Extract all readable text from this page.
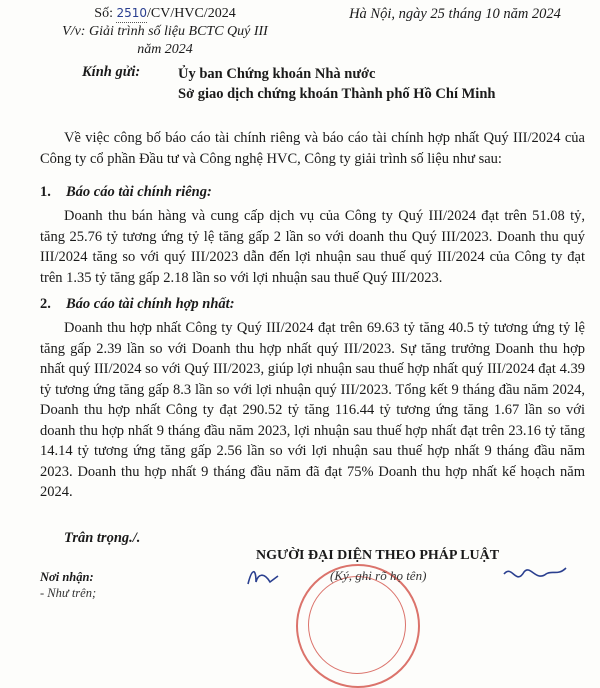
Số: 2510/CV/HVC/2024
V/v: Giải trình số liệu BCTC Quý III
năm 2024
Hà Nội, ngày 25 tháng 10 năm 2024
Kính gửi:	Ủy ban Chứng khoán Nhà nước
Sở giao dịch chứng khoán Thành phố Hồ Chí Minh
Về việc công bố báo cáo tài chính riêng và báo cáo tài chính hợp nhất Quý III/2024 của Công ty cổ phần Đầu tư và Công nghệ HVC, Công ty giải trình số liệu như sau:
1. Báo cáo tài chính riêng:
Doanh thu bán hàng và cung cấp dịch vụ của Công ty Quý III/2024 đạt trên 51.08 tỷ, tăng 25.76 tỷ tương ứng tỷ lệ tăng gấp 2 lần so với doanh thu Quý III/2023. Doanh thu quý III/2024 tăng so với quý III/2023 dẫn đến lợi nhuận sau thuế quý III/2024 của Công ty đạt trên 1.35 tỷ tăng gấp 2.18 lần so với lợi nhuận sau thuế Quý III/2023.
2. Báo cáo tài chính hợp nhất:
Doanh thu hợp nhất Công ty Quý III/2024 đạt trên 69.63 tỷ tăng 40.5 tỷ tương ứng tỷ lệ tăng gấp 2.39 lần so với Doanh thu hợp nhất quý III/2023. Sự tăng trưởng Doanh thu hợp nhất quý III/2024 so với Quý III/2023, giúp lợi nhuận sau thuế hợp nhất quý III/2024 đạt 4.39 tỷ tương ứng tăng gấp 8.3 lần so với lợi nhuận quý III/2023. Tổng kết 9 tháng đầu năm 2024, Doanh thu hợp nhất Công ty đạt 290.52 tỷ tăng 116.44 tỷ tương ứng tăng 1.67 lần so với doanh thu hợp nhất 9 tháng đầu năm 2023, lợi nhuận sau thuế hợp nhất đạt trên 23.16 tỷ tăng 14.14 tỷ tương ứng tăng gấp 2.56 lần so với lợi nhuận sau thuế hợp nhất 9 tháng đầu năm 2023. Doanh thu hợp nhất 9 tháng đầu năm đã đạt 75% Doanh thu hợp nhất kế hoạch năm 2024.
Trân trọng./.
NGƯỜI ĐẠI DIỆN THEO PHÁP LUẬT
(Ký, ghi rõ họ tên)
Nơi nhận:
- Như trên;
